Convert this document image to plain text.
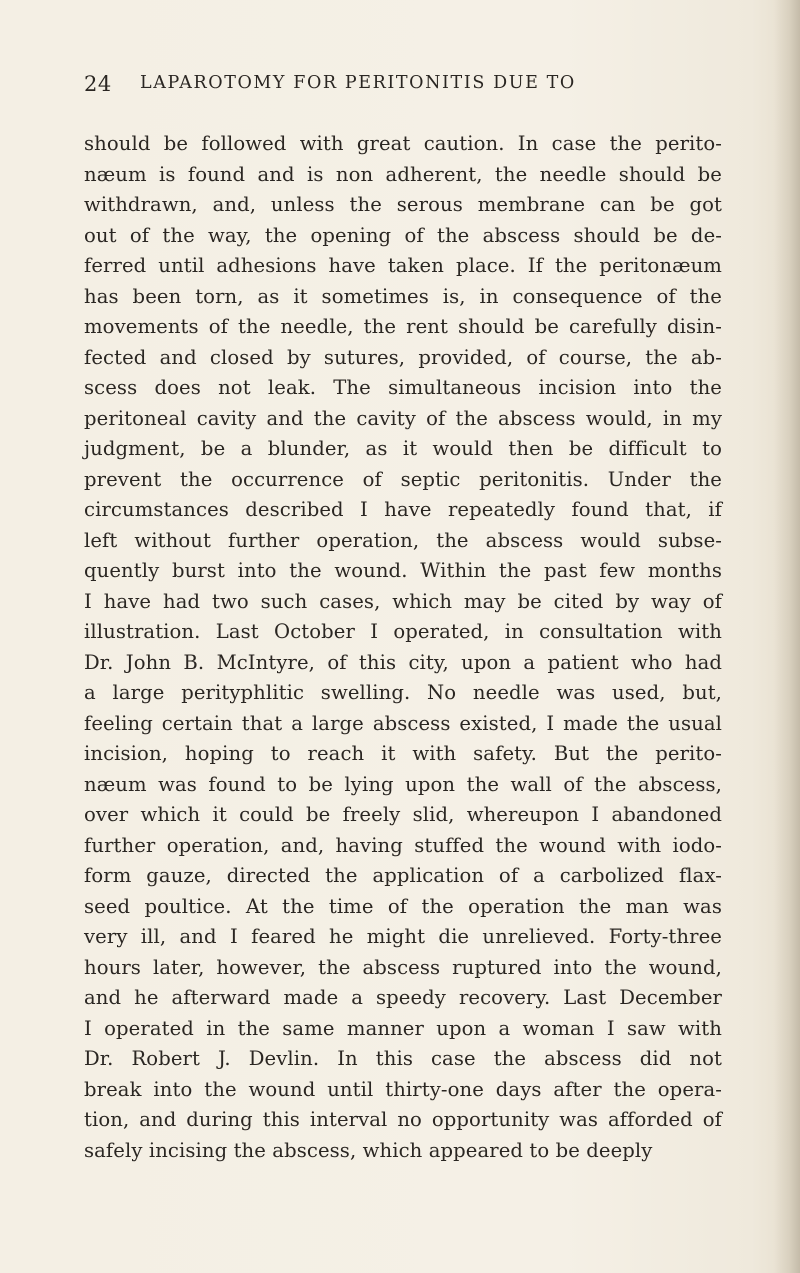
24 LAPAROTOMY FOR PERITONITIS DUE TO
should be followed with great caution. In case the perito-
næum is found and is non adherent, the needle should be
withdrawn, and, unless the serous membrane can be got
out of the way, the opening of the abscess should be de-
ferred until adhesions have taken place. If the peritonæum
has been torn, as it sometimes is, in consequence of the
movements of the needle, the rent should be carefully disin-
fected and closed by sutures, provided, of course, the ab-
scess does not leak. The simultaneous incision into the
peritoneal cavity and the cavity of the abscess would, in my
judgment, be a blunder, as it would then be difficult to
prevent the occurrence of septic peritonitis. Under the
circumstances described I have repeatedly found that, if
left without further operation, the abscess would subse-
quently burst into the wound. Within the past few months
I have had two such cases, which may be cited by way of
illustration. Last October I operated, in consultation with
Dr. John B. McIntyre, of this city, upon a patient who had
a large perityphlitic swelling. No needle was used, but,
feeling certain that a large abscess existed, I made the usual
incision, hoping to reach it with safety. But the perito-
næum was found to be lying upon the wall of the abscess,
over which it could be freely slid, whereupon I abandoned
further operation, and, having stuffed the wound with iodo-
form gauze, directed the application of a carbolized flax-
seed poultice. At the time of the operation the man was
very ill, and I feared he might die unrelieved. Forty-three
hours later, however, the abscess ruptured into the wound,
and he afterward made a speedy recovery. Last December
I operated in the same manner upon a woman I saw with
Dr. Robert J. Devlin. In this case the abscess did not
break into the wound until thirty-one days after the opera-
tion, and during this interval no opportunity was afforded of
safely incising the abscess, which appeared to be deeply
